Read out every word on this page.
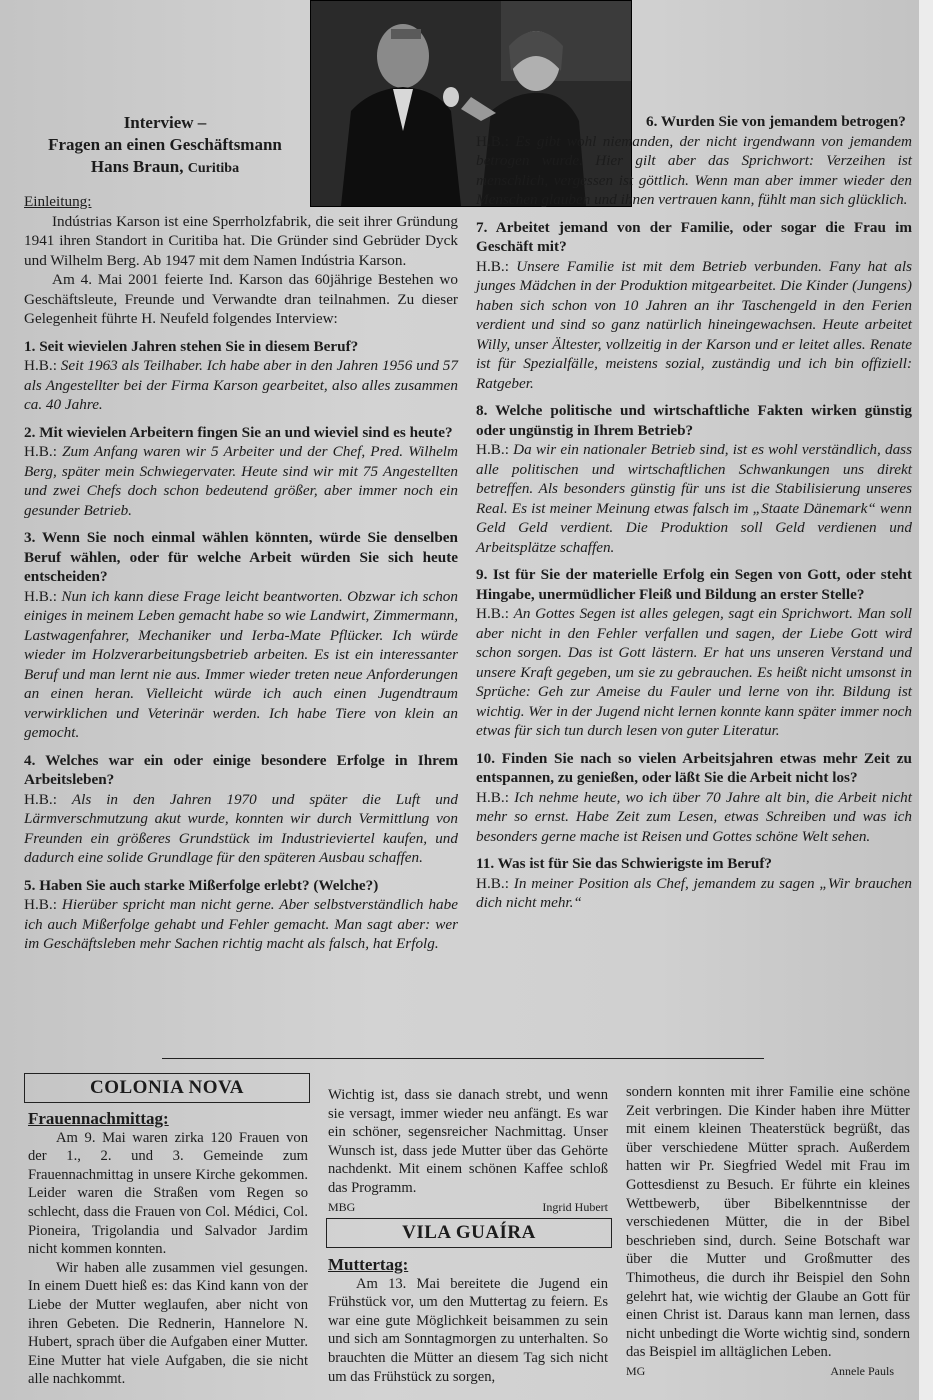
Interview –
Fragen an einen Geschäftsmann
Hans Braun, Curitiba

Einleitung:

Indústrias Karson ist eine Sperrholzfabrik, die seit ihrer Gründung 1941 ihren Standort in Curitiba hat. Die Gründer sind Gebrüder Dyck und Wilhelm Berg. Ab 1947 mit dem Namen Indústria Karson.

Am 4. Mai 2001 feierte Ind. Karson das 60jährige Bestehen wo Geschäftsleute, Freunde und Verwandte dran teilnahmen. Zu dieser Gelegenheit führte H. Neufeld folgendes Interview:

1. Seit wievielen Jahren stehen Sie in diesem Beruf?

H.B.: Seit 1963 als Teilhaber. Ich habe aber in den Jahren 1956 und 57 als Angestellter bei der Firma Karson gearbeitet, also alles zusammen ca. 40 Jahre.

2. Mit wievielen Arbeitern fingen Sie an und wieviel sind es heute?

H.B.: Zum Anfang waren wir 5 Arbeiter und der Chef, Pred. Wilhelm Berg, später mein Schwiegervater. Heute sind wir mit 75 Angestellten und zwei Chefs doch schon bedeutend größer, aber immer noch ein gesunder Betrieb.

3. Wenn Sie noch einmal wählen könnten, würde Sie denselben Beruf wählen, oder für welche Arbeit würden Sie sich heute entscheiden?

H.B.: Nun ich kann diese Frage leicht beantworten. Obzwar ich schon einiges in meinem Leben gemacht habe so wie Landwirt, Zimmermann, Lastwagenfahrer, Mechaniker und Ierba-Mate Pflücker. Ich würde wieder im Holzverarbeitungsbetrieb arbeiten. Es ist ein interessanter Beruf und man lernt nie aus. Immer wieder treten neue Anforderungen an einen heran. Vielleicht würde ich auch einen Jugendtraum verwirklichen und Veterinär werden. Ich habe Tiere von klein an gemocht.

4. Welches war ein oder einige besondere Erfolge in Ihrem Arbeitsleben?

H.B.: Als in den Jahren 1970 und später die Luft und Lärmverschmutzung akut wurde, konnten wir durch Vermittlung von Freunden ein größeres Grundstück im Industrieviertel kaufen, und dadurch eine solide Grundlage für den späteren Ausbau schaffen.

5. Haben Sie auch starke Mißerfolge erlebt? (Welche?)

H.B.: Hierüber spricht man nicht gerne. Aber selbstverständlich habe ich auch Mißerfolge gehabt und Fehler gemacht. Man sagt aber: wer im Geschäftsleben mehr Sachen richtig macht als falsch, hat Erfolg.

6. Wurden Sie von jemandem betrogen?

H.B.: Es gibt wohl niemanden, der nicht irgendwann von jemandem betrogen wurde. Hier gilt aber das Sprichwort: Verzeihen ist menschlich, vergessen ist göttlich. Wenn man aber immer wieder den Menschen glauben und ihnen vertrauen kann, fühlt man sich glücklich.

7. Arbeitet jemand von der Familie, oder sogar die Frau im Geschäft mit?

H.B.: Unsere Familie ist mit dem Betrieb verbunden. Fany hat als junges Mädchen in der Produktion mitgearbeitet. Die Kinder (Jungens) haben sich schon von 10 Jahren an ihr Taschengeld in den Ferien verdient und sind so ganz natürlich hineingewachsen. Heute arbeitet Willy, unser Ältester, vollzeitig in der Karson und er leitet alles. Renate ist für Spezialfälle, meistens sozial, zuständig und ich bin offiziell: Ratgeber.

8. Welche politische und wirtschaftliche Fakten wirken günstig oder ungünstig in Ihrem Betrieb?

H.B.: Da wir ein nationaler Betrieb sind, ist es wohl verständlich, dass alle politischen und wirtschaftlichen Schwankungen uns direkt betreffen. Als besonders günstig für uns ist die Stabilisierung unseres Real. Es ist meiner Meinung etwas falsch im „Staate Dänemark“ wenn Geld Geld verdient. Die Produktion soll Geld verdienen und Arbeitsplätze schaffen.

9. Ist für Sie der materielle Erfolg ein Segen von Gott, oder steht Hingabe, unermüdlicher Fleiß und Bildung an erster Stelle?

H.B.: An Gottes Segen ist alles gelegen, sagt ein Sprichwort. Man soll aber nicht in den Fehler verfallen und sagen, der Liebe Gott wird schon sorgen. Das ist Gott lästern. Er hat uns unseren Verstand und unsere Kraft gegeben, um sie zu gebrauchen. Es heißt nicht umsonst in Sprüche: Geh zur Ameise du Fauler und lerne von ihr. Bildung ist wichtig. Wer in der Jugend nicht lernen konnte kann später immer noch etwas für sich tun durch lesen von guter Literatur.

10. Finden Sie nach so vielen Arbeitsjahren etwas mehr Zeit zu entspannen, zu genießen, oder läßt Sie die Arbeit nicht los?

H.B.: Ich nehme heute, wo ich über 70 Jahre alt bin, die Arbeit nicht mehr so ernst. Habe Zeit zum Lesen, etwas Schreiben und was ich besonders gerne mache ist Reisen und Gottes schöne Welt sehen.

11. Was ist für Sie das Schwierigste im Beruf?

H.B.: In meiner Position als Chef, jemandem zu sagen „Wir brauchen dich nicht mehr.“

COLONIA NOVA

Frauennachmittag:

Am 9. Mai waren zirka 120 Frauen von der 1., 2. und 3. Gemeinde zum Frauennachmittag in unsere Kirche gekommen. Leider waren die Straßen vom Regen so schlecht, dass die Frauen von Col. Médici, Col. Pioneira, Trigolandia und Salvador Jardim nicht kommen konnten.

Wir haben alle zusammen viel gesungen. In einem Duett hieß es: das Kind kann von der Liebe der Mutter weglaufen, aber nicht von ihren Gebeten. Die Rednerin, Hannelore N. Hubert, sprach über die Aufgaben einer Mutter. Eine Mutter hat viele Aufgaben, die sie nicht alle nachkommt.

Wichtig ist, dass sie danach strebt, und wenn sie versagt, immer wieder neu anfängt. Es war ein schöner, segensreicher Nachmittag. Unser Wunsch ist, dass jede Mutter über das Gehörte nachdenkt. Mit einem schönen Kaffee schloß das Programm.

MBG	Ingrid Hubert
VILA GUAÍRA

Muttertag:

Am 13. Mai bereitete die Jugend ein Frühstück vor, um den Muttertag zu feiern. Es war eine gute Möglichkeit beisammen zu sein und sich am Sonntagmorgen zu unterhalten. So brauchten die Mütter an diesem Tag sich nicht um das Frühstück zu sorgen,

sondern konnten mit ihrer Familie eine schöne Zeit verbringen. Die Kinder haben ihre Mütter mit einem kleinen Theaterstück begrüßt, das über verschiedene Mütter sprach. Außerdem hatten wir Pr. Siegfried Wedel mit Frau im Gottesdienst zu Besuch. Er führte ein kleines Wettbewerb, über Bibelkenntnisse der verschiedenen Mütter, die in der Bibel beschrieben sind, durch. Seine Botschaft war über die Mutter und Großmutter des Thimotheus, die durch ihr Beispiel den Sohn gelehrt hat, wie wichtig der Glaube an Gott für einen Christ ist. Daraus kann man lernen, dass nicht unbedingt die Worte wichtig sind, sondern das Beispiel im alltäglichen Leben.

MG	Annele Pauls
